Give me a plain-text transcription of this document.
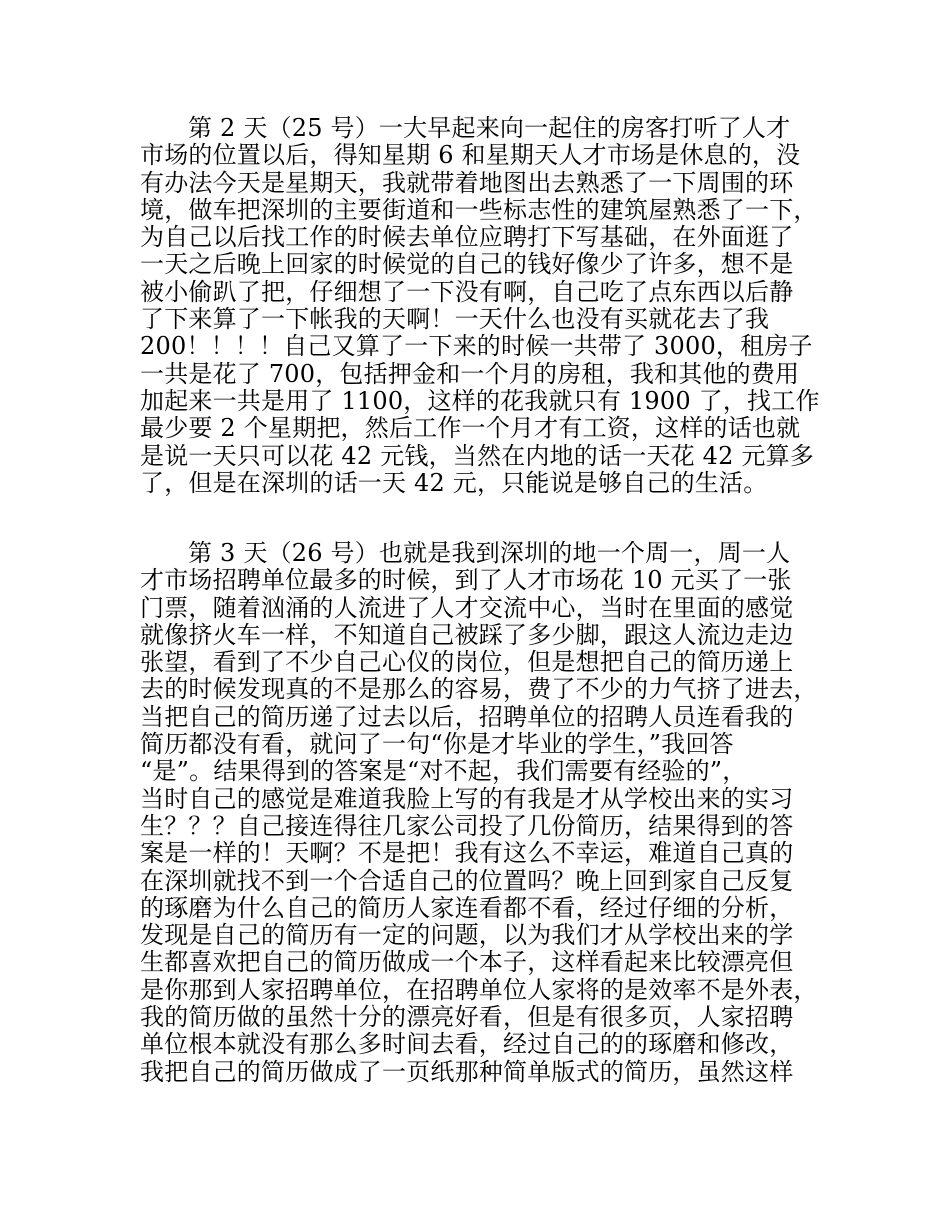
第 2 天（25 号）一大早起来向一起住的房客打听了人才
市场的位置以后，得知星期 6 和星期天人才市场是休息的，没
有办法今天是星期天，我就带着地图出去熟悉了一下周围的环
境，做车把深圳的主要街道和一些标志性的建筑屋熟悉了一下，
为自己以后找工作的时候去单位应聘打下写基础，在外面逛了
一天之后晚上回家的时候觉的自己的钱好像少了许多，想不是
被小偷趴了把，仔细想了一下没有啊，自己吃了点东西以后静
了下来算了一下帐我的天啊！一天什么也没有买就花去了我
200！！！！自己又算了一下来的时候一共带了 3000，租房子
一共是花了 700，包括押金和一个月的房租，我和其他的费用
加起来一共是用了 1100，这样的花我就只有 1900 了，找工作
最少要 2 个星期把，然后工作一个月才有工资，这样的话也就
是说一天只可以花 42 元钱，当然在内地的话一天花 42 元算多
了，但是在深圳的话一天 42 元，只能说是够自己的生活。
第 3 天（26 号）也就是我到深圳的地一个周一，周一人
才市场招聘单位最多的时候，到了人才市场花 10 元买了一张
门票，随着汹涌的人流进了人才交流中心，当时在里面的感觉
就像挤火车一样，不知道自己被踩了多少脚，跟这人流边走边
张望，看到了不少自己心仪的岗位，但是想把自己的简历递上
去的时候发现真的不是那么的容易，费了不少的力气挤了进去，
当把自己的简历递了过去以后，招聘单位的招聘人员连看我的
简历都没有看，就问了一句“你是才毕业的学生，”我回答
“是”。结果得到的答案是“对不起，我们需要有经验的”，
当时自己的感觉是难道我脸上写的有我是才从学校出来的实习
生？？？自己接连得往几家公司投了几份简历，结果得到的答
案是一样的！天啊？不是把！我有这么不幸运，难道自己真的
在深圳就找不到一个合适自己的位置吗？晚上回到家自己反复
的琢磨为什么自己的简历人家连看都不看，经过仔细的分析，
发现是自己的简历有一定的问题，以为我们才从学校出来的学
生都喜欢把自己的简历做成一个本子，这样看起来比较漂亮但
是你那到人家招聘单位，在招聘单位人家将的是效率不是外表，
我的简历做的虽然十分的漂亮好看，但是有很多页，人家招聘
单位根本就没有那么多时间去看，经过自己的的琢磨和修改，
我把自己的简历做成了一页纸那种简单版式的简历，虽然这样
